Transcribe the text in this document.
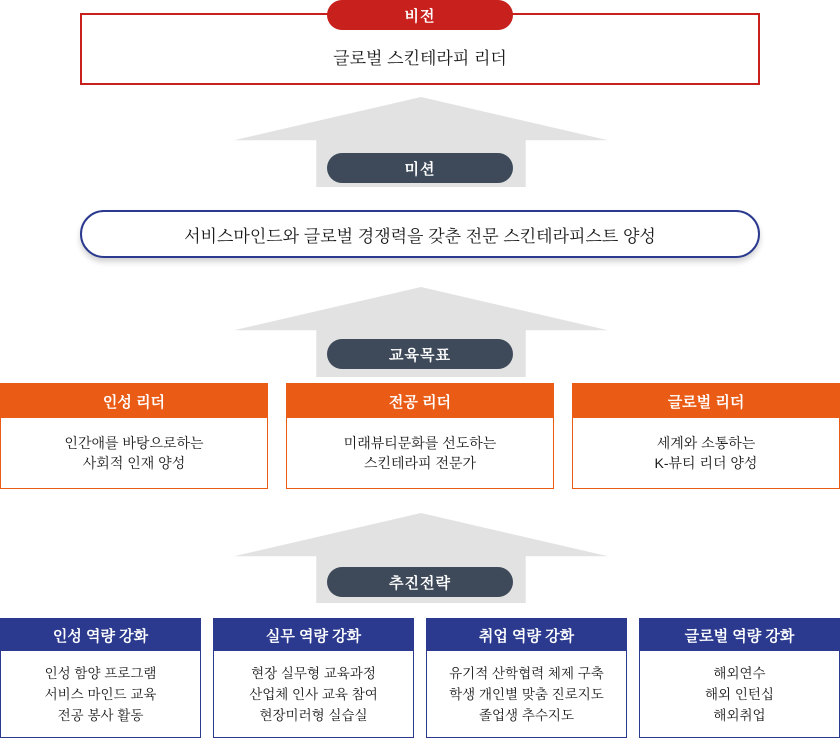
비전
글로벌 스킨테라피 리더
미션
서비스마인드와 글로벌 경쟁력을 갖춘 전문 스킨테라피스트 양성
교육목표
인성 리더
인간애를 바탕으로하는
사회적 인재 양성
전공 리더
미래뷰티문화를 선도하는
스킨테라피 전문가
글로벌 리더
세계와 소통하는
K-뷰티 리더 양성
추진전략
인성 역량 강화
인성 함양 프로그램
서비스 마인드 교육
전공 봉사 활동
실무 역량 강화
현장 실무형 교육과정
산업체 인사 교육 참여
현장미러형 실습실
취업 역량 강화
유기적 산학협력 체제 구축
학생 개인별 맞춤 진로지도
졸업생 추수지도
글로벌 역량 강화
해외연수
해외 인턴십
해외취업
